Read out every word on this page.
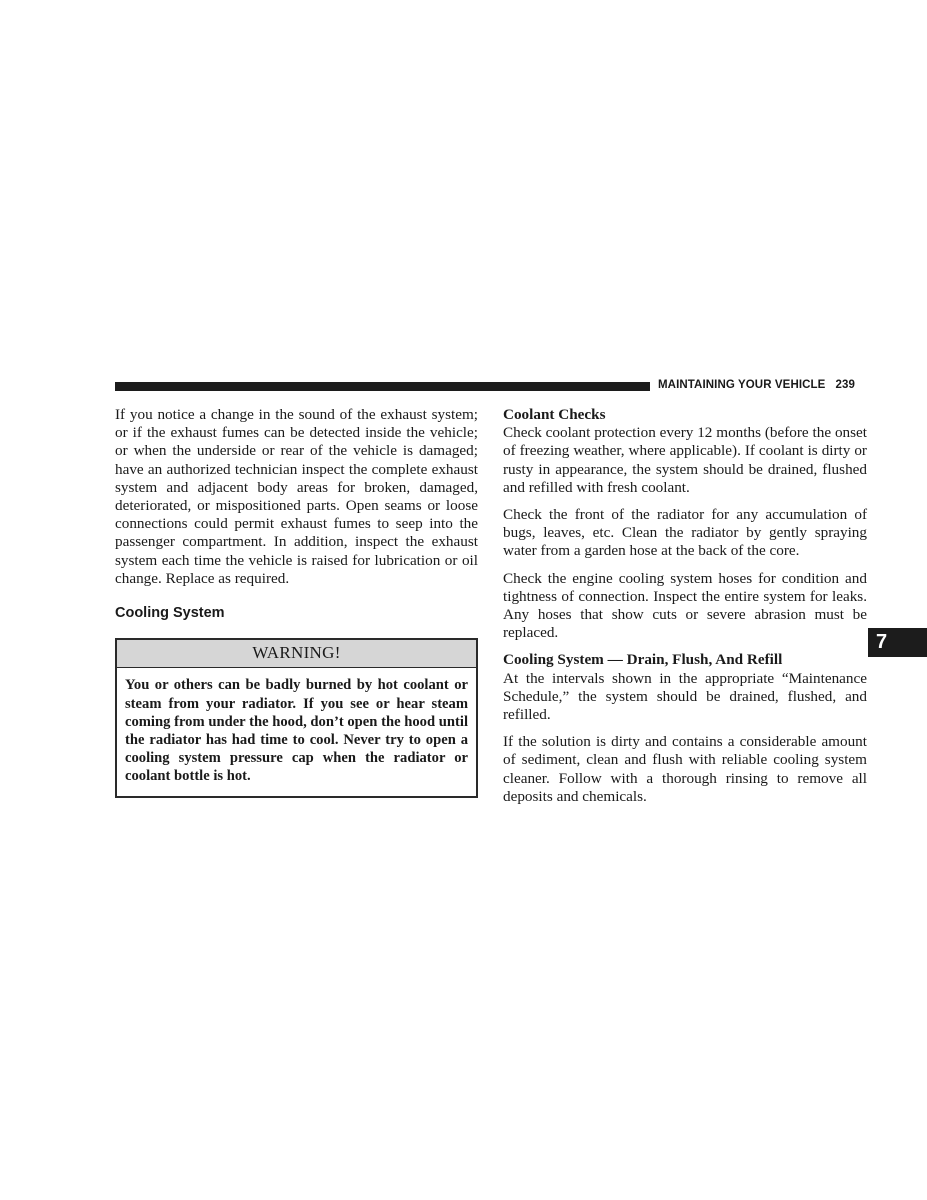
MAINTAINING YOUR VEHICLE 239

If you notice a change in the sound of the exhaust system; or if the exhaust fumes can be detected inside the vehicle; or when the underside or rear of the vehicle is damaged; have an authorized technician inspect the complete exhaust system and adjacent body areas for broken, damaged, deteriorated, or mispositioned parts. Open seams or loose connections could permit exhaust fumes to seep into the passenger compartment. In addition, inspect the exhaust system each time the vehicle is raised for lubrication or oil change. Replace as required.

Cooling System
WARNING!
You or others can be badly burned by hot coolant or steam from your radiator. If you see or hear steam coming from under the hood, don’t open the hood until the radiator has had time to cool. Never try to open a cooling system pressure cap when the radiator or coolant bottle is hot.
Coolant Checks

Check coolant protection every 12 months (before the onset of freezing weather, where applicable). If coolant is dirty or rusty in appearance, the system should be drained, flushed and refilled with fresh coolant.

Check the front of the radiator for any accumulation of bugs, leaves, etc. Clean the radiator by gently spraying water from a garden hose at the back of the core.

Check the engine cooling system hoses for condition and tightness of connection. Inspect the entire system for leaks. Any hoses that show cuts or severe abrasion must be replaced.

Cooling System — Drain, Flush, And Refill

At the intervals shown in the appropriate “Maintenance Schedule,” the system should be drained, flushed, and refilled.

If the solution is dirty and contains a considerable amount of sediment, clean and flush with reliable cooling system cleaner. Follow with a thorough rinsing to remove all deposits and chemicals.

7
